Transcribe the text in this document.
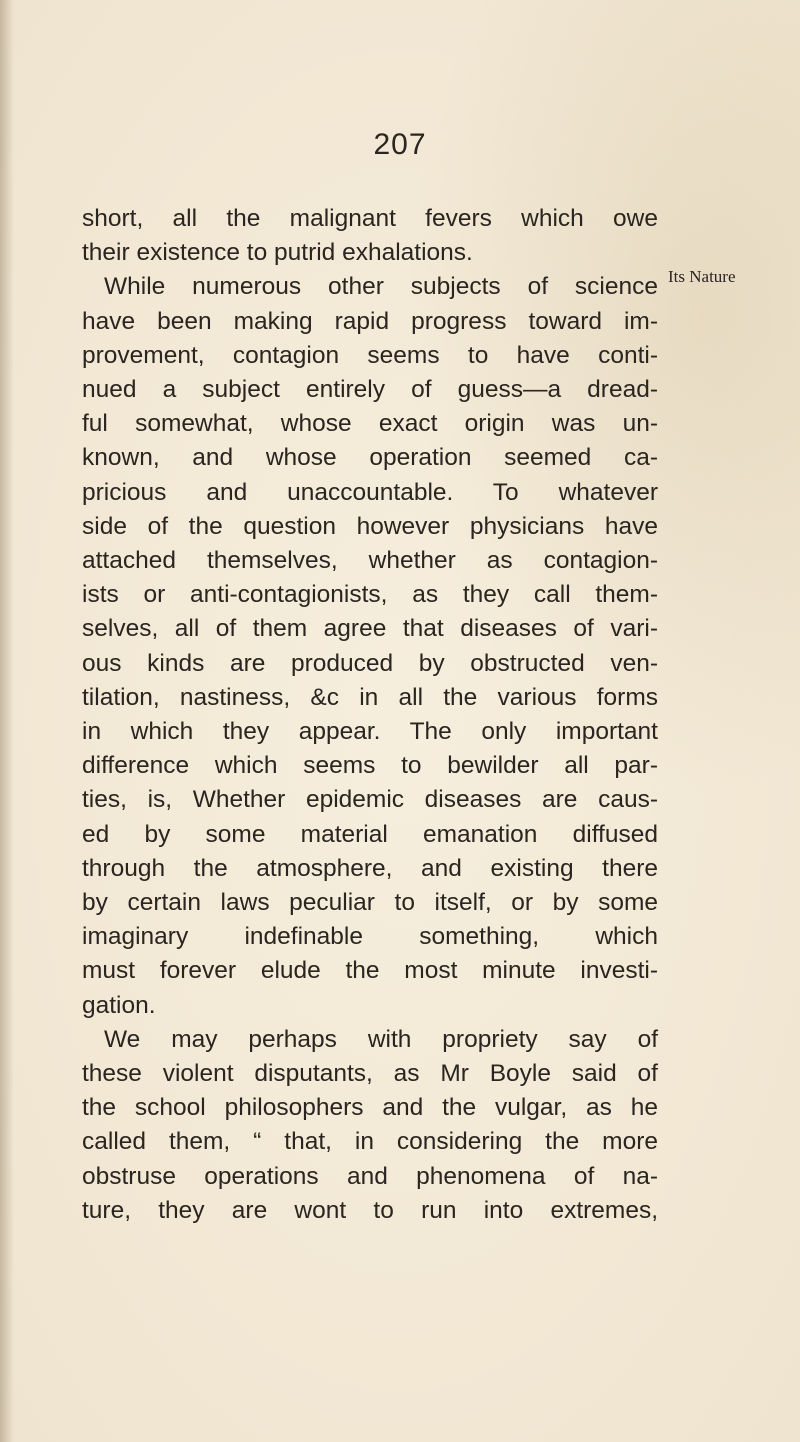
207
Its Nature
short, all the malignant fevers which owe
their existence to putrid exhalations.
While numerous other subjects of science
have been making rapid progress toward im-
provement, contagion seems to have conti-
nued a subject entirely of guess—a dread-
ful somewhat, whose exact origin was un-
known, and whose operation seemed ca-
pricious and unaccountable. To whatever
side of the question however physicians have
attached themselves, whether as contagion-
ists or anti-contagionists, as they call them-
selves, all of them agree that diseases of vari-
ous kinds are produced by obstructed ven-
tilation, nastiness, &c in all the various forms
in which they appear. The only important
difference which seems to bewilder all par-
ties, is, Whether epidemic diseases are caus-
ed by some material emanation diffused
through the atmosphere, and existing there
by certain laws peculiar to itself, or by some
imaginary indefinable something, which
must forever elude the most minute investi-
gation.
We may perhaps with propriety say of
these violent disputants, as Mr Boyle said of
the school philosophers and the vulgar, as he
called them, “ that, in considering the more
obstruse operations and phenomena of na-
ture, they are wont to run into extremes,
